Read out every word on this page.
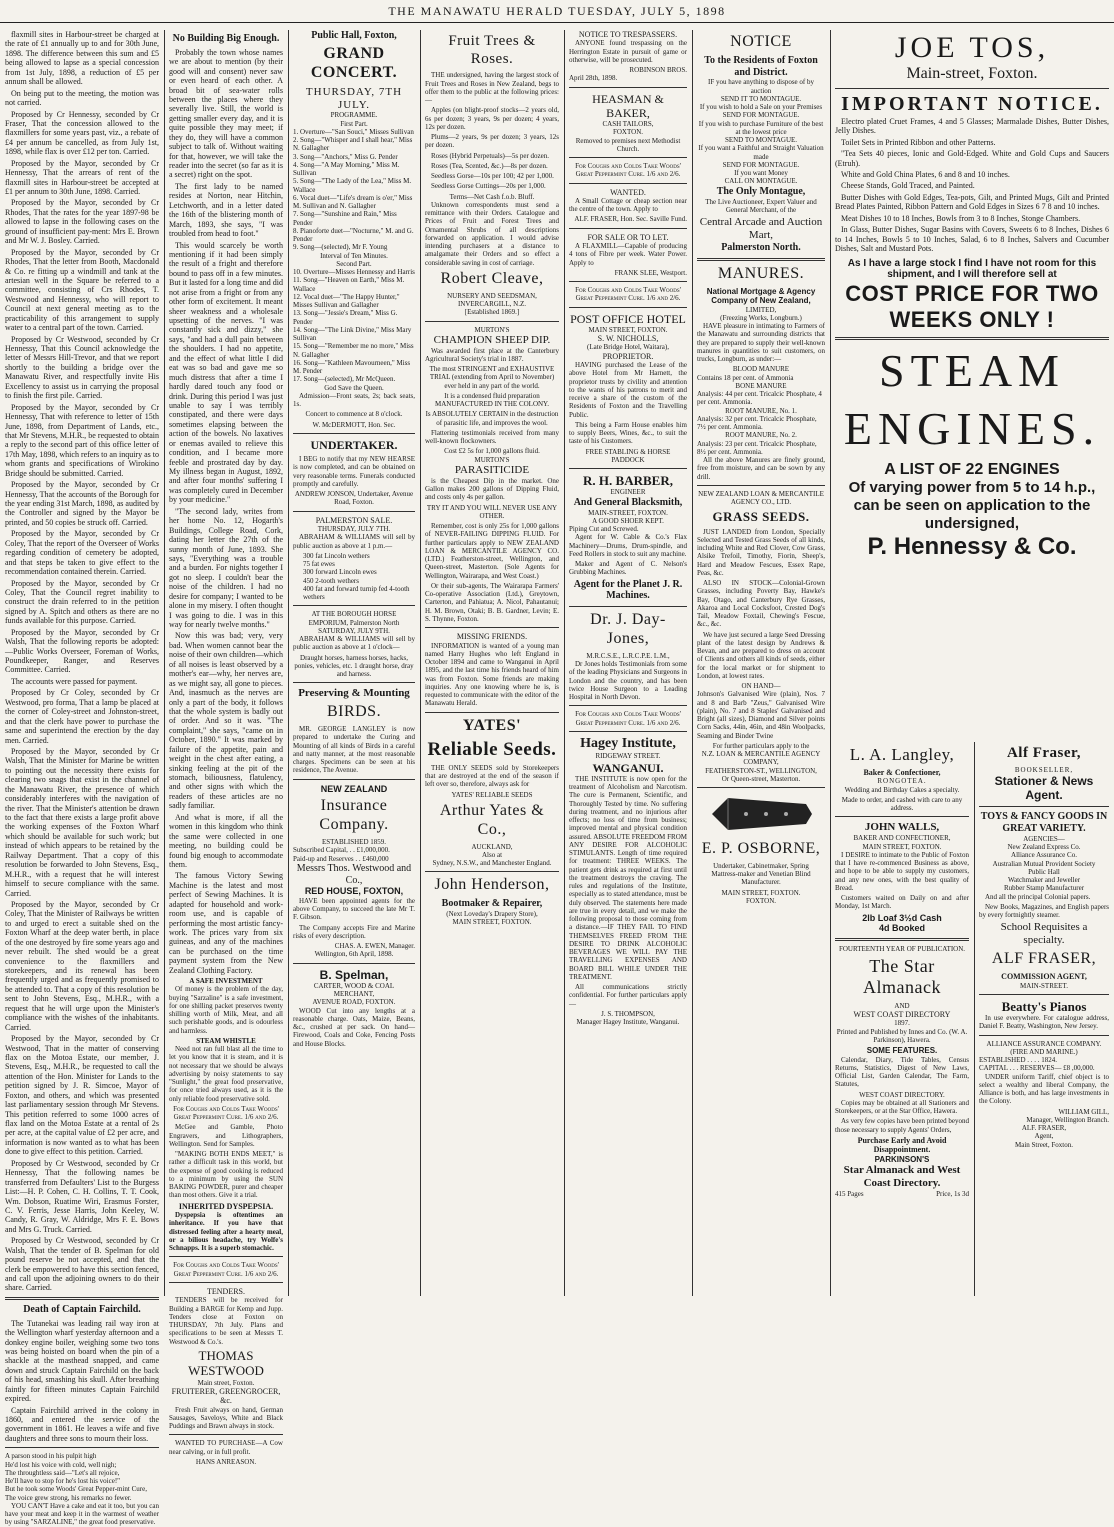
THE MANAWATU HERALD TUESDAY, JULY 5, 1898

flaxmill sites in Harbour-street be charged at the rate of £1 annually up to and for 30th June, 1898. The difference between this sum and £5 being allowed to lapse as a special concession from 1st July, 1898, a reduction of £5 per annum shall be allowed.

On being put to the meeting, the motion was not carried.

Proposed by Cr Hennessy, seconded by Cr Fraser, That the concession allowed to the flaxmillers for some years past, viz., a rebate of £4 per annum be cancelled, as from July 1st, 1898, while flax is over £12 per ton. Carried.

Proposed by the Mayor, seconded by Cr Hennessy, That the arrears of rent of the flaxmill sites in Harbour-street be accepted at £1 per annum to 30th June, 1898. Carried.

Proposed by the Mayor, seconded by Cr Rhodes, That the rates for the year 1897-98 be allowed to lapse in the following cases on the ground of insufficient pay-ment: Mrs E. Brown and Mr W. J. Bosley. Carried.

Proposed by the Mayor, seconded by Cr Rhodes, That the letter from Booth, Macdonald & Co. re fitting up a windmill and tank at the artesian well in the Square be referred to a committee, consisting of Crs Rhodes, T. Westwood and Hennessy, who will report to Council at next general meeting as to the practicability of this arrangement to supply water to a central part of the town. Carried.

Proposed by Cr Westwood, seconded by Cr Hennessy, That this Council acknowledge the letter of Messrs Hill-Trevor, and that we report shortly to the building a bridge over the Manawatu River, and respectfully invite His Excellency to assist us in carrying the proposal to finish the first pile. Carried.

Proposed by the Mayor, seconded by Cr Hennessy, That with reference to letter of 15th June, 1898, from Department of Lands, etc., that Mr Stevens, M.H.R., be requested to obtain a reply to the second part of this office letter of 17th May, 1898, which refers to an inquiry as to whom grants and specifications of Wirokino Bridge should be submitted. Carried.

Proposed by the Mayor, seconded by Cr Hennessy, That the accounts of the Borough for the year ending 31st March, 1898, as audited by the Controller and signed by the Mayor be printed, and 50 copies be struck off. Carried.

Proposed by the Mayor, seconded by Cr Coley, That the report of the Overseer of Works regarding condition of cemetery be adopted, and that steps be taken to give effect to the recommendation contained therein. Carried.

Proposed by the Mayor, seconded by Cr Coley, That the Council regret inability to construct the drain referred to in the petition signed by A. Spitch and others as there are no funds available for this purpose. Carried.

Proposed by the Mayor, seconded by Cr Walsh, That the following reports be adopted:—Public Works Overseer, Foreman of Works, Poundkeeper, Ranger, and Reserves Committee. Carried.

The accounts were passed for payment.

Proposed by Cr Coley, seconded by Cr Westwood, pro forma, That a lamp be placed at the corner of Coley-street and Johnston-street, and that the clerk have power to purchase the same and superintend the erection by the day men. Carried.

Proposed by the Mayor, seconded by Cr Walsh, That the Minister for Marine be written to pointing out the necessity there exists for clearing two snags that exist in the channel of the Manawatu River, the presence of which considerably interferes with the navigation of the river. That the Minister's attention be drawn to the fact that there exists a large profit above the working expenses of the Foxton Wharf which should be available for such work; but instead of which appears to be retained by the Railway Department. That a copy of this resolution be forwarded to John Stevens, Esq., M.H.R., with a request that he will interest himself to secure compliance with the same. Carried.

Proposed by the Mayor, seconded by Cr Coley, That the Minister of Railways be written to and urged to erect a suitable shed on the Foxton Wharf at the deep water berth, in place of the one destroyed by fire some years ago and never rebuilt. The shed would be a great convenience to the flaxmillers and storekeepers, and its renewal has been frequently urged and as frequently promised to be attended to. That a copy of this resolution be sent to John Stevens, Esq., M.H.R., with a request that he will urge upon the Minister's compliance with the wishes of the inhabitants. Carried.

Proposed by the Mayor, seconded by Cr Westwood, That in the matter of conserving flax on the Motoa Estate, our member, J. Stevens, Esq., M.H.R., be requested to call the attention of the Hon. Minister for Lands to the petition signed by J. R. Simcoe, Mayor of Foxton, and others, and which was presented last parliamentary session through Mr Stevens. This petition referred to some 1000 acres of flax land on the Motoa Estate at a rental of 2s per acre, at the capital value of £2 per acre, and information is now wanted as to what has been done to give effect to this petition. Carried.

Proposed by Cr Westwood, seconded by Cr Hennessy, That the following names be transferred from Defaulters' List to the Burgess List:—H. P. Cohen, C. H. Collins, T. T. Cook, Wm. Dobson, Ruatime Wiri, Erasmus Forster, C. V. Ferris, Jesse Harris, John Keeley, W. Candy, R. Gray, W. Aldridge, Mrs F. E. Bows and Mrs G. Truck. Carried.

Proposed by Cr Westwood, seconded by Cr Walsh, That the tender of B. Spelman for old pound reserve be not accepted, and that the clerk be empowered to have this section fenced, and call upon the adjoining owners to do their share. Carried.

Death of Captain Fairchild.

The Tutanekai was leading rail way iron at the Wellington wharf yesterday afternoon and a donkey engine boiler, weighing some two tons was being hoisted on board when the pin of a shackle at the masthead snapped, and came down and struck Captain Fairchild on the back of his head, smashing his skull. After breathing faintly for fifteen minutes Captain Fairchild expired.

Captain Fairchild arrived in the colony in 1860, and entered the service of the government in 1861. He leaves a wife and five daughters and three sons to mourn their loss.

A parson stood in his pulpit high
He'd lost his voice with cold, well nigh;
The throughtless said—"Let's all rejoice,
He'll have to stop for he's lost his voice!"
But he took some Woods' Great Pepper-mint Cure,
The voice grew strong, his remarks no fewer.

YOU CAN'T Have a cake and eat it too, but you can have your meat and keep it in the warmest of weather by using "SARZALINE," the great food preservative.

No Building Big Enough.

Probably the town whose names we are about to mention (by their good will and consent) never saw or even heard of each other. A broad bit of sea-water rolls between the places where they severally live. Still, the world is getting smaller every day, and it is quite possible they may meet; if they do, they will have a common subject to talk of. Without waiting for that, however, we will take the reader into the secret (so far as it is a secret) right on the spot.

The first lady to be named resides at Norton, near Hitchin, Letchworth, and in a letter dated the 16th of the blistering month of March, 1893, she says, "I was troubled from head to foot."

This would scarcely be worth mentioning if it had been simply the result of a fright and therefore bound to pass off in a few minutes. But it lasted for a long time and did not arise from a fright or from any other form of excitement. It meant sheer weakness and a wholesale upsetting of the nerves. "I was constantly sick and dizzy," she says, "and had a dull pain between the shoulders. I had no appetite, and the effect of what little I did eat was so bad and gave me so much distress that after a time I hardly dared touch any food or drink. During this period I was just unable to say I was terribly constipated, and there were days sometimes elapsing between the action of the bowels. No laxatives or enemas availed to relieve this condition, and I became more feeble and prostrated day by day. My illness began in August, 1892, and after four months' suffering I was completely cured in December by your medicine."

"The second lady, writes from her home No. 12, Hogarth's Buildings, College Road, Cork, dating her letter the 27th of the sunny month of June, 1893. She says, "Everything was a trouble and a burden. For nights together I got no sleep. I couldn't bear the noise of the children. I had no desire for company; I wanted to be alone in my misery. I often thought I was going to die. I was in this way for nearly twelve months."

Now this was bad; very, very bad. When women cannot bear the noise of their own children—which of all noises is least observed by a mother's ear—why, her nerves are, as we might say, all gone to pieces. And, inasmuch as the nerves are only a part of the body, it follows that the whole system is badly out of order. And so it was. "The complaint," she says, "came on in October, 1890." It was marked by failure of the appetite, pain and weight in the chest after eating, a sinking feeling at the pit of the stomach, biliousness, flatulency, and other signs with which the readers of these articles are no sadly familiar.

And what is more, if all the women in this kingdom who think the same were collected in one meeting, no building could be found big enough to accommodate them.

The famous Victory Sewing Machine is the latest and most perfect of Sewing Machines. It is adapted for household and work-room use, and is capable of performing the most artistic fancy-work. The prices vary from six guineas, and any of the machines can be purchased on the time payment system from the New Zealand Clothing Factory.

A SAFE INVESTMENT

Of money is the problem of the day, buying "Sarzaline" is a safe investment, for one shilling packet preserves twenty shilling worth of Milk, Meat, and all such perishable goods, and is odourless and harmless.

STEAM WHISTLE

Need not ran full blast all the time to let you know that it is steam, and it is not necessary that we should be always advertising by noisy statements to say "Sunlight," the great food preservative, for once tried always used, as it is the only reliable food preservative sold.

For Coughs and Colds Take Woods' Great Peppermint Cure. 1/6 and 2/6.

McGee and Gamble, Photo Engravers, and Lithographers, Wellington. Send for Samples.

"MAKING BOTH ENDS MEET," is rather a difficult task in this world, but the expense of good cooking is reduced to a minimum by using the SUN BAKING POWDER, purer and cheaper than most others. Give it a trial.

INHERITED DYSPEPSIA.

Dyspepsia is oftentimes an inheritance. If you have that distressed feeling after a hearty meal, or a bilious headache, try Wolfe's Schnapps. It is a superb stomachic.

For Coughs and Colds Take Woods' Great Peppermint Cure. 1/6 and 2/6.

TENDERS.

TENDERS will be received for Building a BARGE for Kemp and Jupp. Tenders close at Foxton on THURSDAY, 7th July. Plans and specifications to be seen at Messrs T. Westwood & Co.'s.

THOMAS WESTWOOD
Main street, Foxton.
FRUITERER, GREENGROCER, &c.

Fresh Fruit always on hand, German Sausages, Saveloys, White and Black Puddings and Brawn always in stock.

WANTED TO PURCHASE—A Cow near calving, or in full profit.

HANS ANREASON.
Public Hall, Foxton,
GRAND CONCERT.
THURSDAY, 7TH JULY.
PROGRAMME.
First Part.
1. Overture—"San Souci," Misses Sullivan
2. Song—"Whisper and I shall hear," Miss N. Gallagher
3. Song—"Anchors," Miss G. Pender
4. Song—"A May Morning," Miss M. Sullivan
5. Song—"The Lady of the Lea," Miss M. Wallace
6. Vocal duet—"Life's dream is o'er," Miss M. Sullivan and N. Gallagher
7. Song—"Sunshine and Rain," Miss Pender
8. Pianoforte duet—"Nocturne," M. and G. Pender
9. Song—(selected), Mr F. Young
Interval of Ten Minutes.
Second Part.
10. Overture—Misses Hennessy and Harris
11. Song—"Heaven on Earth," Miss M. Wallace
12. Vocal duet—"The Happy Hunter," Misses Sullivan and Gallagher
13. Song—"Jessie's Dream," Miss G. Pender
14. Song—"The Link Divine," Miss Mary Sullivan
15. Song—"Remember me no more," Miss N. Gallagher
16. Song—"Kathleen Mavourneen," Miss M. Pender
17. Song—(selected), Mr McQueen.
God Save the Queen.

Admission—Front seats, 2s; back seats, 1s.

Concert to commence at 8 o'clock.

W. McDERMOTT, Hon. Sec.
UNDERTAKER.

I BEG to notify that my NEW HEARSE is now completed, and can be obtained on very reasonable terms. Funerals conducted promptly and carefully.

ANDREW JONSON, Undertaker, Avenue Road, Foxton.
PALMERSTON SALE.
THURSDAY, JULY 7TH.

ABRAHAM & WILLIAMS will sell by public auction as above at 1 p.m.—

300 fat Lincoln wethers
75 fat ewes
300 forward Lincoln ewes
450 2-tooth wethers
400 fat and forward turnip fed 4-tooth wethers
AT THE BOROUGH HORSE EMPORIUM, Palmerston North
SATURDAY, JULY 9TH.

ABRAHAM & WILLIAMS will sell by public auction as above at 1 o'clock—

Draught horses, harness horses, hacks, ponies, vehicles, etc. 1 draught horse, dray and harness.

Preserving & Mounting
BIRDS.

MR. GEORGE LANGLEY is now prepared to undertake the Curing and Mounting of all kinds of Birds in a careful and natty manner, at the most reasonable charges. Specimens can be seen at his residence, The Avenue.

NEW ZEALAND
Insurance Company.
ESTABLISHED 1859.
Subscribed Capital, . . £1,000,000.
Paid-up and Reserves . . £460,000
Messrs Thos. Westwood and Co.,
RED HOUSE, FOXTON,

HAVE been appointed agents for the above Company, to succeed the late Mr T. F. Gibson.

The Company accepts Fire and Marine risks of every description.

CHAS. A. EWEN, Manager.
Wellington, 6th April, 1898.
B. Spelman,
CARTER, WOOD & COAL MERCHANT,
AVENUE ROAD, FOXTON.

WOOD Cut into any lengths at a reasonable charge. Oats, Maize, Beans, &c., crushed at per sack. On hand—Firewood, Coals and Coke, Fencing Posts and House Blocks.

Fruit Trees & Roses.

THE undersigned, having the largest stock of Fruit Trees and Roses in New Zealand, begs to offer them to the public at the following prices:—

Apples (on blight-proof stocks—2 years old, 6s per dozen; 3 years, 9s per dozen; 4 years, 12s per dozen.

Plums—2 years, 9s per dozen; 3 years, 12s per dozen.

Roses (Hybrid Perpetuals)—5s per dozen.

Roses (Tea, Scented, &c.)—8s per dozen.

Seedless Gorse—10s per 100; 42 per 1,000.

Seedless Gorse Cuttings—20s per 1,000.

Terms—Net Cash f.o.b. Bluff.

Unknown correspondents must send a remittance with their Orders. Catalogue and Prices of Fruit and Forest Trees and Ornamental Shrubs of all descriptions forwarded on application. I would advise intending purchasers at a distance to amalgamate their Orders and so effect a considerable saving in cost of carriage.

Robert Cleave,
NURSERY AND SEEDSMAN,
INVERCARGILL, N.Z.
[Established 1869.]
MURTON'S
CHAMPION SHEEP DIP.

Was awarded first place at the Canterbury Agricultural Society's trial in 1887.

The most STRINGENT and EXHAUSTIVE TRIAL (extending from April to November) ever held in any part of the world.

It is a condensed fluid preparation MANUFACTURED IN THE COLONY.

Is ABSOLUTELY CERTAIN in the destruction of parasitic life, and improves the wool.

Flattering testimonials received from many well-known flockowners.

Cost £2 5s for 1,000 gallons fluid.
MURTON'S
PARASITICIDE

is the Cheapest Dip in the market. One Gallon makes 200 gallons of Dipping Fluid, and costs only 4s per gallon.

TRY IT AND YOU WILL NEVER USE ANY OTHER.

Remember, cost is only 25s for 1,000 gallons of NEVER-FAILING DIPPING FLUID. For further particulars apply to NEW ZEALAND LOAN & MERCANTILE AGENCY CO. (LTD.) Featherston-street, Wellington, and Queen-street, Masterton. (Sole Agents for Wellington, Wairarapa, and West Coast.)

Or their sub-agents, The Wairarapa Farmers' Co-operative Association (Ltd.), Greytown, Carterton, and Pahiatua; A. Nicol, Pahautanui; H. M. Brown, Otaki; B. B. Gardner, Levin; E. S. Thynne, Foxton.

MISSING FRIENDS.

INFORMATION is wanted of a young man named Harry Hughes who left England in October 1894 and came to Wanganui in April 1895, and the last time his friends heard of him was from Foxton. Some friends are making inquiries. Any one knowing where he is, is requested to communicate with the editor of the Manawatu Herald.

YATES'
Reliable Seeds.

THE ONLY SEEDS sold by Storekeepers that are destroyed at the end of the season if left over so, therefore, always ask for

YATES' RELIABLE SEEDS
Arthur Yates & Co.,
AUCKLAND,
Also at
Sydney, N.S.W., and Manchester England.
John Henderson,
Bootmaker & Repairer,
(Next Loveday's Drapery Store),
MAIN STREET, FOXTON.
NOTICE TO TRESPASSERS.

ANYONE found trespassing on the Herrington Estate in pursuit of game or otherwise, will be prosecuted.

ROBINSON BROS.
April 28th, 1898.
HEASMAN & BAKER,
CASH TAILORS,
FOXTON.

Removed to premises next Methodist Church.

For Coughs and Colds Take Woods' Great Peppermint Cure. 1/6 and 2/6.

WANTED.

A Small Cottage or cheap section near the centre of the town. Apply to

ALF. FRASER, Hon. Sec. Saville Fund.
FOR SALE OR TO LET.

A FLAXMILL—Capable of producing 4 tons of Fibre per week. Water Power. Apply to

FRANK SLEE, Westport.

For Coughs and Colds Take Woods' Great Peppermint Cure. 1/6 and 2/6.

POST OFFICE HOTEL
MAIN STREET, FOXTON.
S. W. NICHOLLS,
(Late Bridge Hotel, Waitara),
PROPRIETOR.

HAVING purchased the Lease of the above Hotel from Mr Harnett, the proprietor trusts by civility and attention to the wants of his patrons to merit and receive a share of the custom of the Residents of Foxton and the Travelling Public.

This being a Farm House enables him to supply Beers, Wines, &c., to suit the taste of his Customers.

FREE STABLING & HORSE PADDOCK
R. H. BARBER,
ENGINEER
And General Blacksmith,
MAIN-STREET, FOXTON.
A GOOD SHOER KEPT.
Piping Cut and Screwed.

Agent for W. Cable & Co.'s Flax Machinery—Drums, Drum-spindle, and Feed Rollers in stock to suit any machine.

Maker and Agent of C. Nelson's Grubbing Machines.

Agent for the Planet J. R. Machines.
Dr. J. Day-Jones,
M.R.C.S.E., L.R.C.P.E. L.M.,

Dr Jones holds Testimonials from some of the leading Physicians and Surgeons in London and the country, and has been twice House Surgeon to a Leading Hospital in North Devon.

For Coughs and Colds Take Woods' Great Peppermint Cure. 1/6 and 2/6.

Hagey Institute,
RIDGEWAY STREET.
WANGANUI.

THE INSTITUTE is now open for the treatment of Alcoholism and Narcotism. The cure is Permanent, Scientific, and Thoroughly Tested by time. No suffering during treatment, and no injurious after effects; no loss of time from business; improved mental and physical condition assured. ABSOLUTE FREEDOM FROM ANY DESIRE FOR ALCOHOLIC STIMULANTS. Length of time required for treatment: THREE WEEKS. The patient gets drink as required at first until the treatment destroys the craving. The rules and regulations of the Institute, especially as to stated attendance, must be duly observed. The statements here made are true in every detail, and we make the following proposal to those coming from a distance.—IF THEY FAIL TO FIND THEMSELVES FREED FROM THE DESIRE TO DRINK ALCOHOLIC BEVERAGES WE WILL PAY THE TRAVELLING EXPENSES AND BOARD BILL WHILE UNDER THE TREATMENT.

All communications strictly confidential. For further particulars apply—

J. S. THOMPSON,
Manager Hagey Institute, Wanganui.
NOTICE
To the Residents of Foxton and District.
IF you have anything to dispose of by auction
SEND IT TO MONTAGUE.
If you wish to hold a Sale on your Premises
SEND FOR MONTAGUE.
If you wish to purchase Furniture of the best at the lowest price
SEND TO MONTAGUE.
If you want a Faithful and Straight Valuation made
SEND FOR MONTAGUE.
If you want Money
CALL ON MONTAGUE.
The Only Montague,

The Live Auctioneer, Expert Valuer and General Merchant, of the

Central Arcade and Auction Mart,
Palmerston North.
MANURES.
National Mortgage & Agency Company of New Zealand,
LIMITED,
(Freezing Works, Longburn.)

HAVE pleasure in intimating to Farmers of the Manawatu and surrounding districts that they are prepared to supply their well-known manures in quantities to suit customers, on trucks, Longburn, as under:—

BLOOD MANURE
Contains 18 per cent. of Ammonia
BONE MANURE
Analysis: 44 per cent. Tricalcic Phosphate, 4 per cent. Ammonia.
ROOT MANURE, No. 1.
Analysis: 32 per cent. Tricalcic Phosphate, 7½ per cent. Ammonia.
ROOT MANURE, No. 2.
Analysis: 23 per cent. Tricalcic Phosphate, 8½ per cent. Ammonia.

All the above Manures are finely ground, free from moisture, and can be sown by any drill.

NEW ZEALAND LOAN & MERCANTILE AGENCY CO., LTD.
GRASS SEEDS.

JUST LANDED from London, Specially Selected and Tested Grass Seeds of all kinds, including White and Red Clover, Cow Grass, Alsike Trefoil, Timothy, Fiorin, Sheep's, Hard and Meadow Fescues, Essex Rape, Peas, &c.

ALSO IN STOCK—Colonial-Grown Grasses, including Poverty Bay, Hawke's Bay, Otago, and Canterbury Rye Grasses, Akaroa and Local Cocksfoot, Crested Dog's Tail, Meadow Foxtail, Chewing's Fescue, &c., &c.

We have just secured a large Seed Dressing plant of the latest design by Andrews & Bevan, and are prepared to dress on account of Clients and others all kinds of seeds, either for the local market or for shipment to London, at lowest rates.

ON HAND—

Johnson's Galvanised Wire (plain), Nos. 7 and 8 and Barb "Zeus," Galvanised Wire (plain), No. 7 and 8 Staples' Galvanised and Bright (all sizes), Diamond and Silver points Corn Sacks, 44in, 46in, and 48in Woolpacks, Seaming and Binder Twine

For further particulars apply to the
N.Z. LOAN & MERCANTILE AGENCY COMPANY,
FEATHERSTON-ST., WELLINGTON,
Or Queen-street, Masterton.
E. P. OSBORNE,
Undertaker, Cabinetmaker, Spring

Mattress-maker and Venetian Blind Manufacturer.

MAIN STREET, FOXTON.
FOXTON.
JOE TOS,
Main-street, Foxton.
IMPORTANT NOTICE.

Electro plated Cruet Frames, 4 and 5 Glasses; Marmalade Dishes, Butter Dishes, Jelly Dishes.

Toilet Sets in Printed Ribbon and other Patterns.

"Tea Sets 40 pieces, Ionic and Gold-Edged. White and Gold Cups and Saucers (Etruh).

White and Gold China Plates, 6 and 8 and 10 inches.

Cheese Stands, Gold Traced, and Painted.

Butter Dishes with Gold Edges, Tea-pots, Gilt, and Printed Mugs, Gilt and Printed Bread Plates Painted, Ribbon Pattern and Gold Edges in Sizes 6 7 8 and 10 inches.

Meat Dishes 10 to 18 Inches, Bowls from 3 to 8 Inches, Stonge Chambers.

In Glass, Butter Dishes, Sugar Basins with Covers, Sweets 6 to 8 Inches, Dishes 6 to 14 Inches, Bowls 5 to 10 Inches, Salad, 6 to 8 Inches, Salvers and Cucumber Dishes, Salt and Mustard Pots.

As I have a large stock I find I have not room for this shipment, and I will therefore sell at
COST PRICE FOR TWO WEEKS ONLY !
STEAM
ENGINES.
A LIST OF 22 ENGINES
Of varying power from 5 to 14 h.p., can be seen on application to the undersigned,
P. Hennessy & Co.
L. A. Langley,
Baker & Confectioner,
RONGOTEA.

Wedding and Birthday Cakes a specialty.

Made to order, and cashed with care to any address.

JOHN WALLS,
BAKER AND CONFECTIONER,
MAIN STREET, FOXTON.

I DESIRE to intimate to the Public of Foxton that I have re-commenced Business as above, and hope to be able to supply my customers, and any new ones, with the best quality of Bread.

Customers waited on Daily on and after Monday, 1st March.

2lb Loaf 3½d Cash
4d Booked
FOURTEENTH YEAR OF PUBLICATION.
The Star Almanack
AND
WEST COAST DIRECTORY
1897.

Printed and Published by Innes and Co. (W. A. Parkinson), Hawera.

SOME FEATURES.

Calendar, Diary, Tide Tables, Census Returns, Statistics, Digest of New Laws, Official List, Garden Calendar, The Farm, Statutes,

WEST COAST DIRECTORY.

Copies may be obtained at all Stationers and Storekeepers, or at the Star Office, Hawera.

As very few copies have been printed beyond those necessary to supply Agents' Orders,

Purchase Early and Avoid Disappointment.
PARKINSON'S
Star Almanack and West Coast Directory.
415 Pages	Price, 1s 3d
Alf Fraser,
BOOKSELLER,
Stationer & News Agent.
TOYS & FANCY GOODS IN GREAT VARIETY.
AGENCIES—
New Zealand Express Co.
Alliance Assurance Co.
Australian Mutual Provident Society
Public Hall
Watchmaker and Jeweller
Rubber Stamp Manufacturer

And all the principal Colonial papers.

New Books, Magazines, and English papers by every fortnightly steamer.

School Requisites a specialty.
ALF FRASER,
COMMISSION AGENT,
MAIN-STREET.
Beatty's Pianos

In use everywhere. For catalogue address, Daniel F. Beatty, Washington, New Jersey.

ALLIANCE ASSURANCE COMPANY.
(FIRE AND MARINE.)
ESTABLISHED . . . . 1824.
CAPITAL . . . RESERVES— £8 ,00,000.

UNDER uniform Tariff, chief object is to select a wealthy and liberal Company, the Alliance is both, and has large investments in the Colony.

WILLIAM GILL,
Manager, Wellington Branch.
ALF. FRASER,
Agent,
Main Street, Foxton.
